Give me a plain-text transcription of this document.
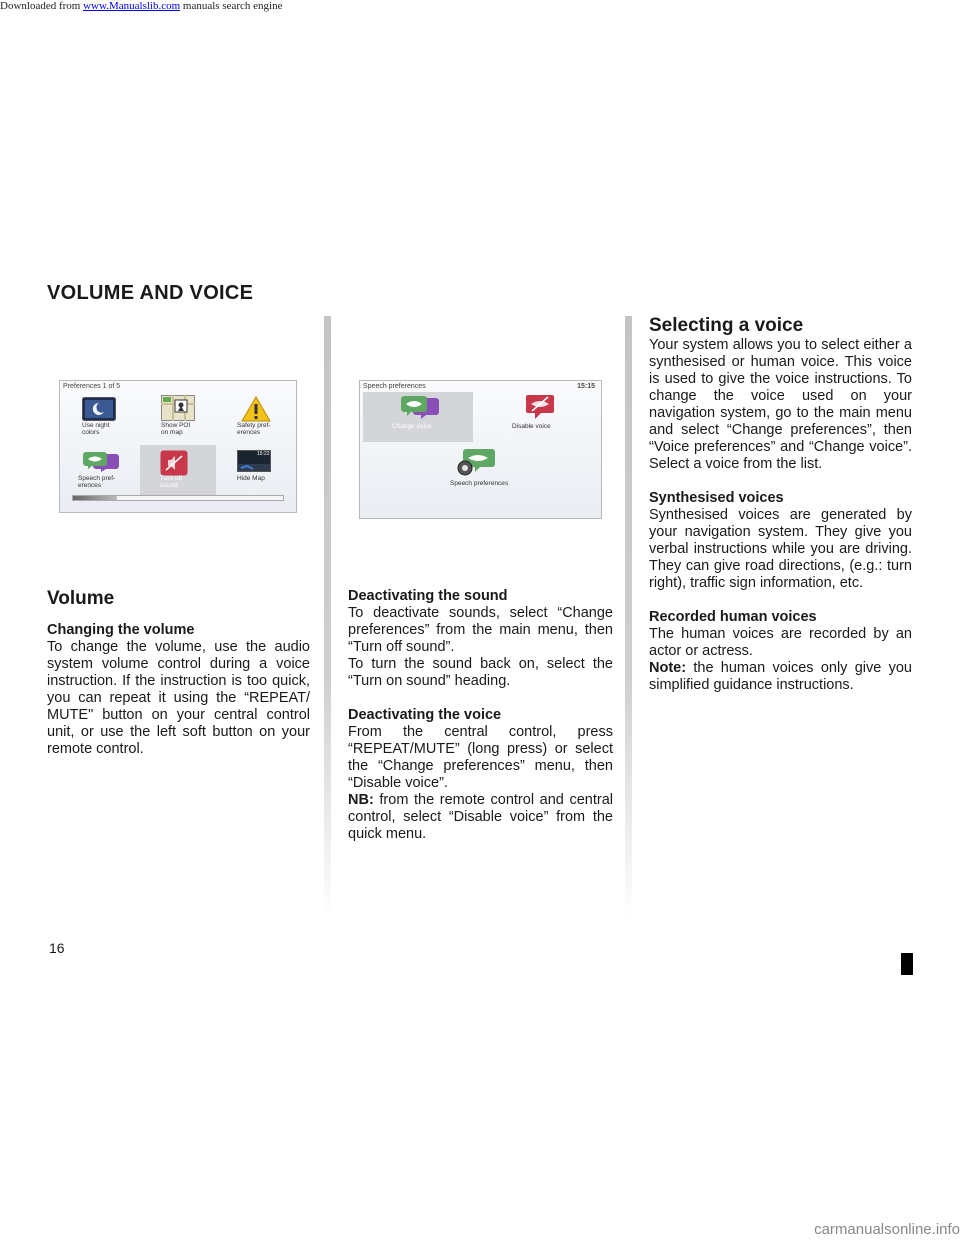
Downloaded from www.Manualslib.com manuals search engine
VOLUME AND VOICE
Preferences 1 of 5
Use night
colors
Show POI
on map
Safety pref-
erences
Speech pref-
erences
Turn off
sound
15:22
Hide Map
Speech preferences	15:15
Change voice	Disable voice
Speech preferences
Volume

Changing the volume

To change the volume, use the audio system volume control during a voice instruction. If the instruction is too quick, you can repeat it using the “REPEAT/ MUTE" button on your central control unit, or use the left soft button on your remote control.

Deactivating the sound

To deactivate sounds, select “Change preferences” from the main menu, then “Turn off sound”.

To turn the sound back on, select the “Turn on sound” heading.

Deactivating the voice

From the central control, press “REPEAT/MUTE” (long press) or select the “Change preferences” menu, then “Disable voice”.

NB: from the remote control and central control, select “Disable voice” from the quick menu.

Selecting a voice

Your system allows you to select either a synthesised or human voice. This voice is used to give the voice instructions. To change the voice used on your navigation system, go to the main menu and select “Change preferences”, then “Voice preferences” and “Change voice”. Select a voice from the list.

Synthesised voices

Synthesised voices are generated by your navigation system. They give you verbal instructions while you are driving. They can give road directions, (e.g.: turn right), traffic sign information, etc.

Recorded human voices

The human voices are recorded by an actor or actress.

Note: the human voices only give you simplified guidance instructions.

16
carmanualsonline.info
